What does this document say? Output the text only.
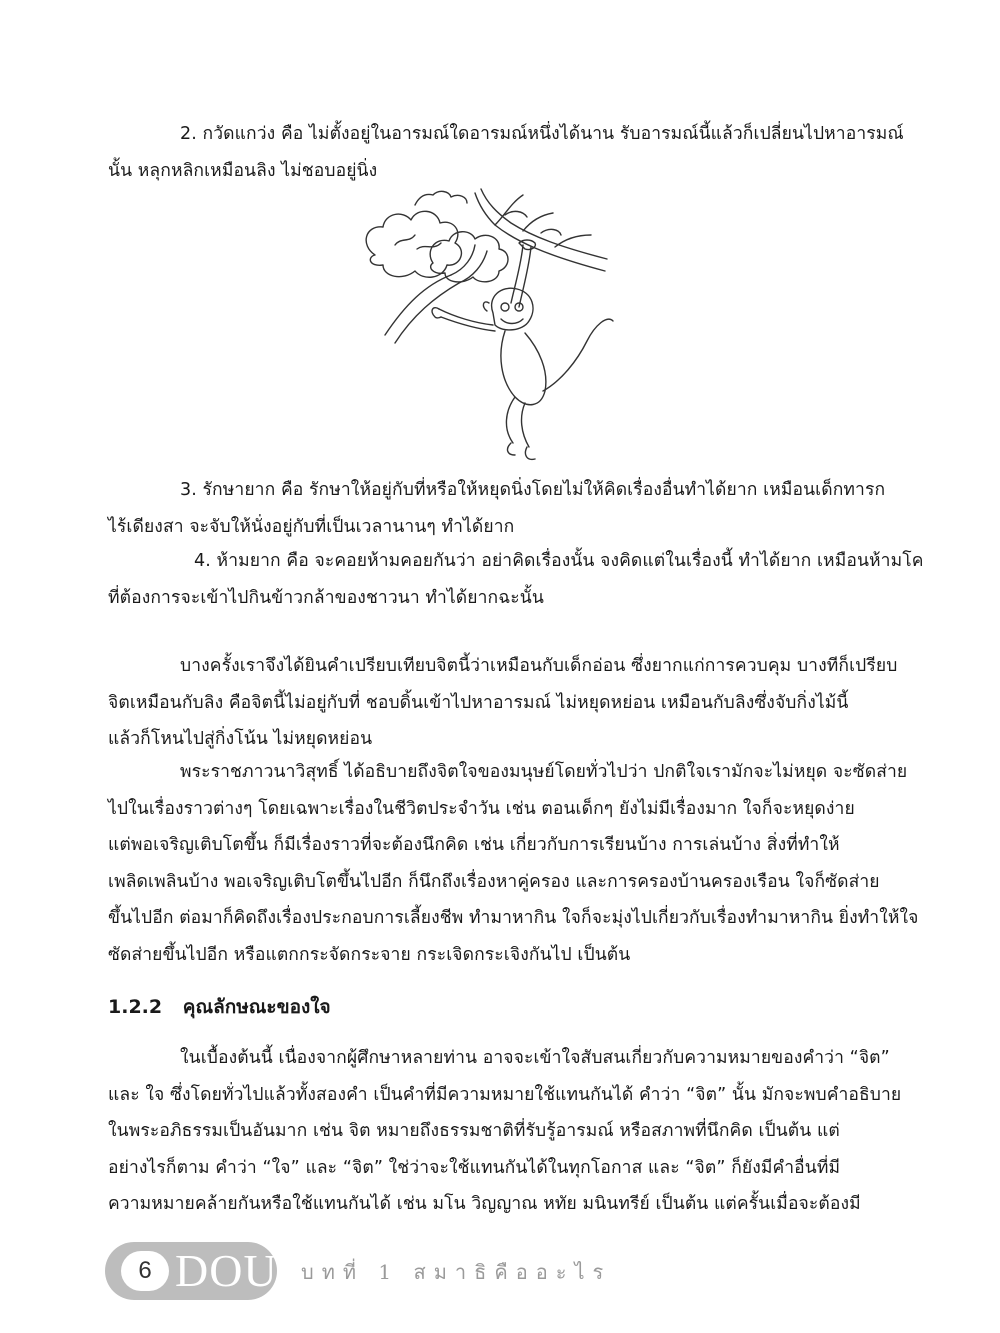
2. กวัดแกว่ง คือ ไม่ตั้งอยู่ในอารมณ์ใดอารมณ์หนึ่งได้นาน รับอารมณ์นี้แล้วก็เปลี่ยนไปหาอารมณ์
นั้น หลุกหลิกเหมือนลิง ไม่ชอบอยู่นิ่ง

3. รักษายาก คือ รักษาให้อยู่กับที่หรือให้หยุดนิ่งโดยไม่ให้คิดเรื่องอื่นทำได้ยาก เหมือนเด็กทารก
ไร้เดียงสา จะจับให้นั่งอยู่กับที่เป็นเวลานานๆ ทำได้ยาก

4. ห้ามยาก คือ จะคอยห้ามคอยกันว่า อย่าคิดเรื่องนั้น จงคิดแต่ในเรื่องนี้ ทำได้ยาก เหมือนห้ามโค
ที่ต้องการจะเข้าไปกินข้าวกล้าของชาวนา ทำได้ยากฉะนั้น

บางครั้งเราจึงได้ยินคำเปรียบเทียบจิตนี้ว่าเหมือนกับเด็กอ่อน ซึ่งยากแก่การควบคุม บางทีก็เปรียบ
จิตเหมือนกับลิง คือจิตนี้ไม่อยู่กับที่ ชอบดิ้นเข้าไปหาอารมณ์ ไม่หยุดหย่อน เหมือนกับลิงซึ่งจับกิ่งไม้นี้
แล้วก็โหนไปสู่กิ่งโน้น ไม่หยุดหย่อน

พระราชภาวนาวิสุทธิ์ ได้อธิบายถึงจิตใจของมนุษย์โดยทั่วไปว่า ปกติใจเรามักจะไม่หยุด จะซัดส่าย
ไปในเรื่องราวต่างๆ โดยเฉพาะเรื่องในชีวิตประจำวัน เช่น ตอนเด็กๆ ยังไม่มีเรื่องมาก ใจก็จะหยุดง่าย
แต่พอเจริญเติบโตขึ้น ก็มีเรื่องราวที่จะต้องนึกคิด เช่น เกี่ยวกับการเรียนบ้าง การเล่นบ้าง สิ่งที่ทำให้
เพลิดเพลินบ้าง พอเจริญเติบโตขึ้นไปอีก ก็นึกถึงเรื่องหาคู่ครอง และการครองบ้านครองเรือน ใจก็ซัดส่าย
ขึ้นไปอีก ต่อมาก็คิดถึงเรื่องประกอบการเลี้ยงชีพ ทำมาหากิน ใจก็จะมุ่งไปเกี่ยวกับเรื่องทำมาหากิน ยิ่งทำให้ใจ
ซัดส่ายขึ้นไปอีก หรือแตกกระจัดกระจาย กระเจิดกระเจิงกันไป เป็นต้น

1.2.2 คุณลักษณะของใจ

ในเบื้องต้นนี้ เนื่องจากผู้ศึกษาหลายท่าน อาจจะเข้าใจสับสนเกี่ยวกับความหมายของคำว่า “จิต”
และ ใจ ซึ่งโดยทั่วไปแล้วทั้งสองคำ เป็นคำที่มีความหมายใช้แทนกันได้ คำว่า “จิต” นั้น มักจะพบคำอธิบาย
ในพระอภิธรรมเป็นอันมาก เช่น จิต หมายถึงธรรมชาติที่รับรู้อารมณ์ หรือสภาพที่นึกคิด เป็นต้น แต่
อย่างไรก็ตาม คำว่า “ใจ” และ “จิต” ใช่ว่าจะใช้แทนกันได้ในทุกโอกาส และ “จิต” ก็ยังมีคำอื่นที่มี
ความหมายคล้ายกันหรือใช้แทนกันได้ เช่น มโน วิญญาณ หทัย มนินทรีย์ เป็นต้น แต่ครั้นเมื่อจะต้องมี

6 DOU บทที่ 1 สมาธิคืออะไร
